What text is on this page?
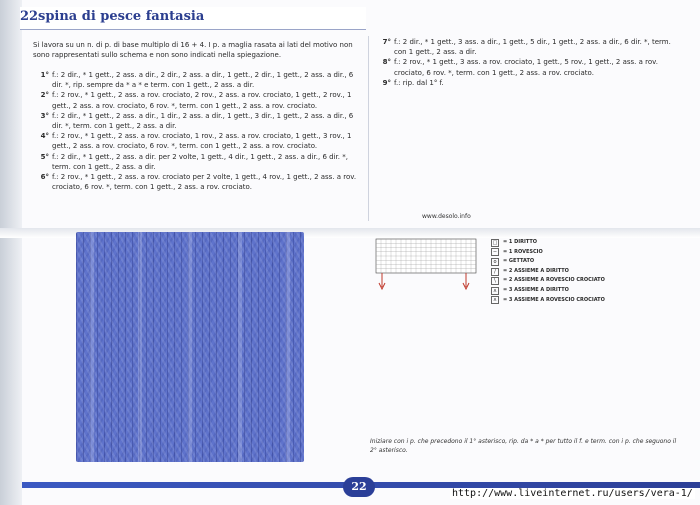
22 spina di pesce fantasia
Si lavora su un n. di p. di base multiplo di 16 + 4. I p. a maglia rasata ai lati del motivo non sono rappresentati sullo schema e non sono indicati nella spiegazione.
1° f.: 2 dir., * 1 gett., 2 ass. a dir., 2 dir., 2 ass. a dir., 1 gett., 2 dir., 1 gett., 2 ass. a dir., 6 dir. *, rip. sempre da * a * e term. con 1 gett., 2 ass. a dir.
2° f.: 2 rov., * 1 gett., 2 ass. a rov. crociato, 2 rov., 2 ass. a rov. crociato, 1 gett., 2 rov., 1 gett., 2 ass. a rov. crociato, 6 rov. *, term. con 1 gett., 2 ass. a rov. crociato.
3° f.: 2 dir., * 1 gett., 2 ass. a dir., 1 dir., 2 ass. a dir., 1 gett., 3 dir., 1 gett., 2 ass. a dir., 6 dir. *, term. con 1 gett., 2 ass. a dir.
4° f.: 2 rov., * 1 gett., 2 ass. a rov. crociato, 1 rov., 2 ass. a rov. crociato, 1 gett., 3 rov., 1 gett., 2 ass. a rov. crociato, 6 rov. *, term. con 1 gett., 2 ass. a rov. crociato.
5° f.: 2 dir., * 1 gett., 2 ass. a dir. per 2 volte, 1 gett., 4 dir., 1 gett., 2 ass. a dir., 6 dir. *, term. con 1 gett., 2 ass. a dir.
6° f.: 2 rov., * 1 gett., 2 ass. a rov. crociato per 2 volte, 1 gett., 4 rov., 1 gett., 2 ass. a rov. crociato, 6 rov. *, term. con 1 gett., 2 ass. a rov. crociato.
7° f.: 2 dir., * 1 gett., 3 ass. a dir., 1 gett., 5 dir., 1 gett., 2 ass. a dir., 6 dir. *, term. con 1 gett., 2 ass. a dir.
8° f.: 2 rov., * 1 gett., 3 ass. a rov. crociato, 1 gett., 5 rov., 1 gett., 2 ass. a rov. crociato, 6 rov. *, term. con 1 gett., 2 ass. a rov. crociato.
9° f.: rip. dal 1° f.
www.desolo.info
□	= 1 DIRITTO
−	= 1 ROVESCIO
o	= GETTATO
/	= 2 ASSIEME A DIRITTO
\	= 2 ASSIEME A ROVESCIO CROCIATO
ʌ	= 3 ASSIEME A DIRITTO
ʌ	= 3 ASSIEME A ROVESCIO CROCIATO
Iniziare con i p. che precedono il 1° asterisco, rip. da * a * per tutto il f. e term. con i p. che seguono il 2° asterisco.
22
http://www.liveinternet.ru/users/vera-1/
